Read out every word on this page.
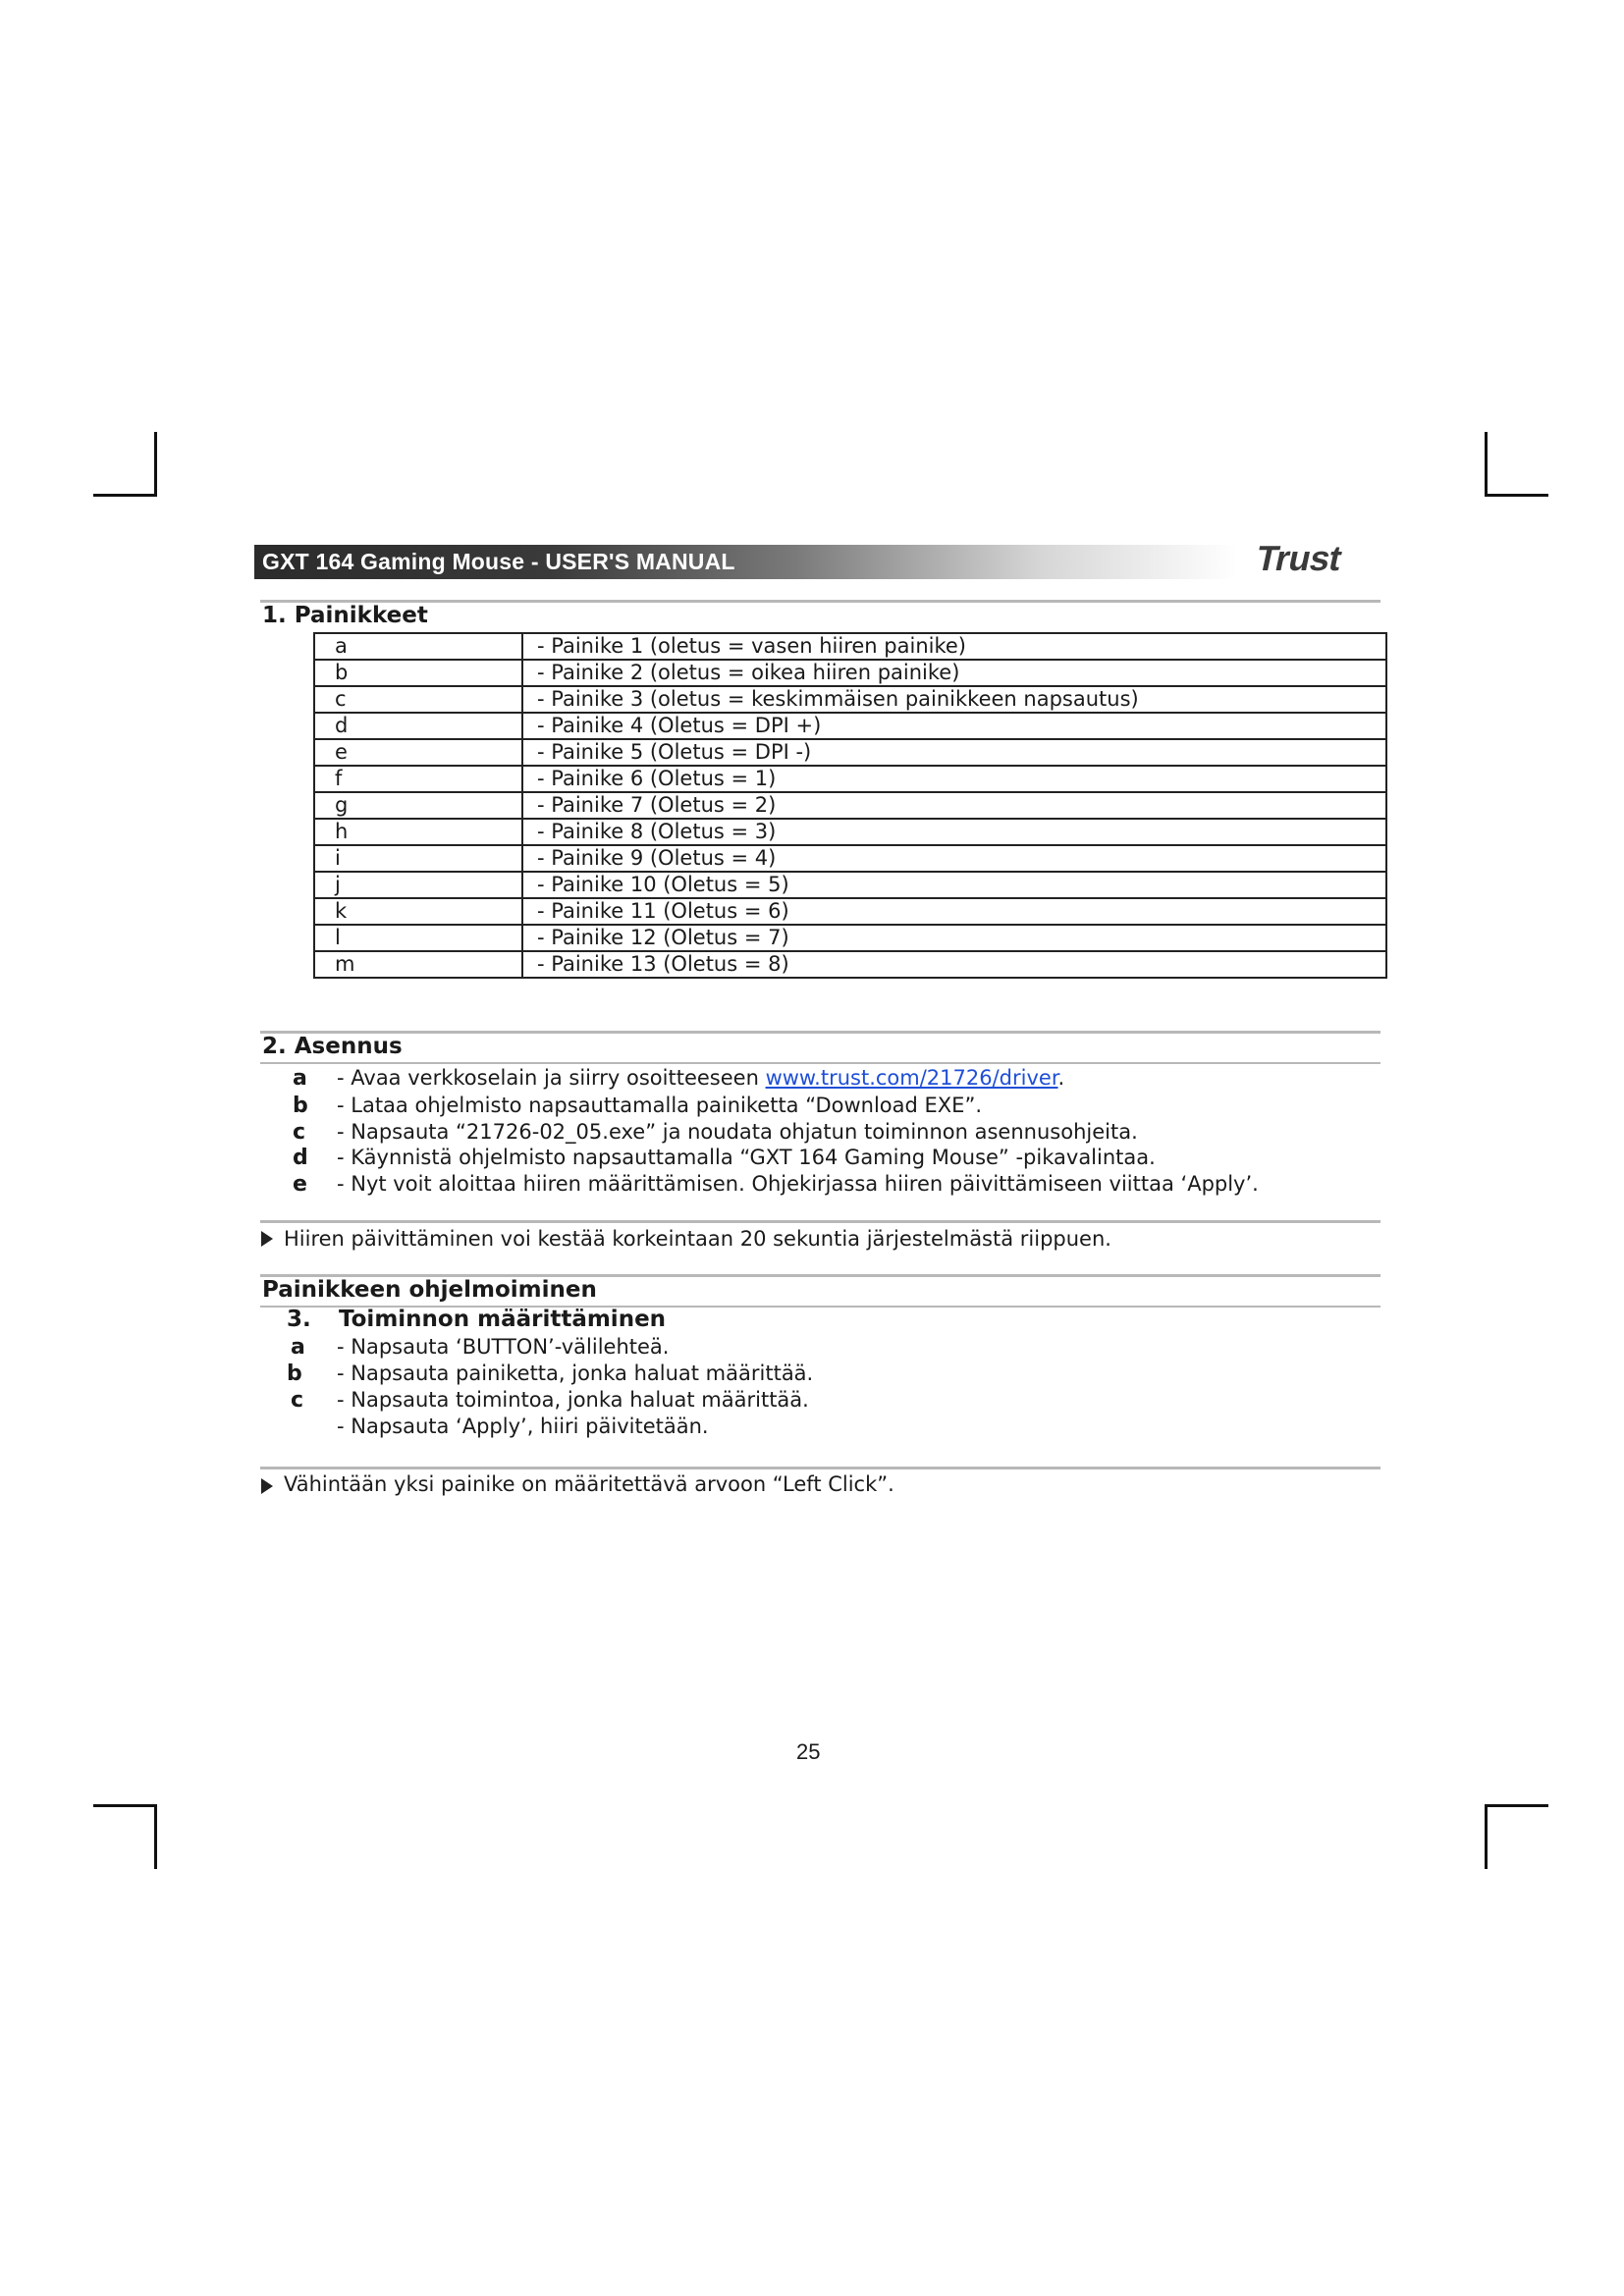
GXT 164 Gaming Mouse - USER'S MANUAL	Trust
1. Painikkeet
a	- Painike 1 (oletus = vasen hiiren painike)
b	- Painike 2 (oletus = oikea hiiren painike)
c	- Painike 3 (oletus = keskimmäisen painikkeen napsautus)
d	- Painike 4 (Oletus = DPI +)
e	- Painike 5 (Oletus = DPI -)
f	- Painike 6 (Oletus = 1)
g	- Painike 7 (Oletus = 2)
h	- Painike 8 (Oletus = 3)
i	- Painike 9 (Oletus = 4)
j	- Painike 10 (Oletus = 5)
k	- Painike 11 (Oletus = 6)
l	- Painike 12 (Oletus = 7)
m	- Painike 13 (Oletus = 8)
2. Asennus
a - Avaa verkkoselain ja siirry osoitteeseen www.trust.com/21726/driver.
b - Lataa ohjelmisto napsauttamalla painiketta “Download EXE”.
c - Napsauta “21726-02_05.exe” ja noudata ohjatun toiminnon asennusohjeita.
d - Käynnistä ohjelmisto napsauttamalla “GXT 164 Gaming Mouse” -pikavalintaa.
e - Nyt voit aloittaa hiiren määrittämisen. Ohjekirjassa hiiren päivittämiseen viittaa ‘Apply’.
Hiiren päivittäminen voi kestää korkeintaan 20 sekuntia järjestelmästä riippuen.
Painikkeen ohjelmoiminen
3. Toiminnon määrittäminen
a - Napsauta ‘BUTTON’-välilehteä.
b - Napsauta painiketta, jonka haluat määrittää.
c - Napsauta toimintoa, jonka haluat määrittää.
- Napsauta ‘Apply’, hiiri päivitetään.
Vähintään yksi painike on määritettävä arvoon “Left Click”.
25
